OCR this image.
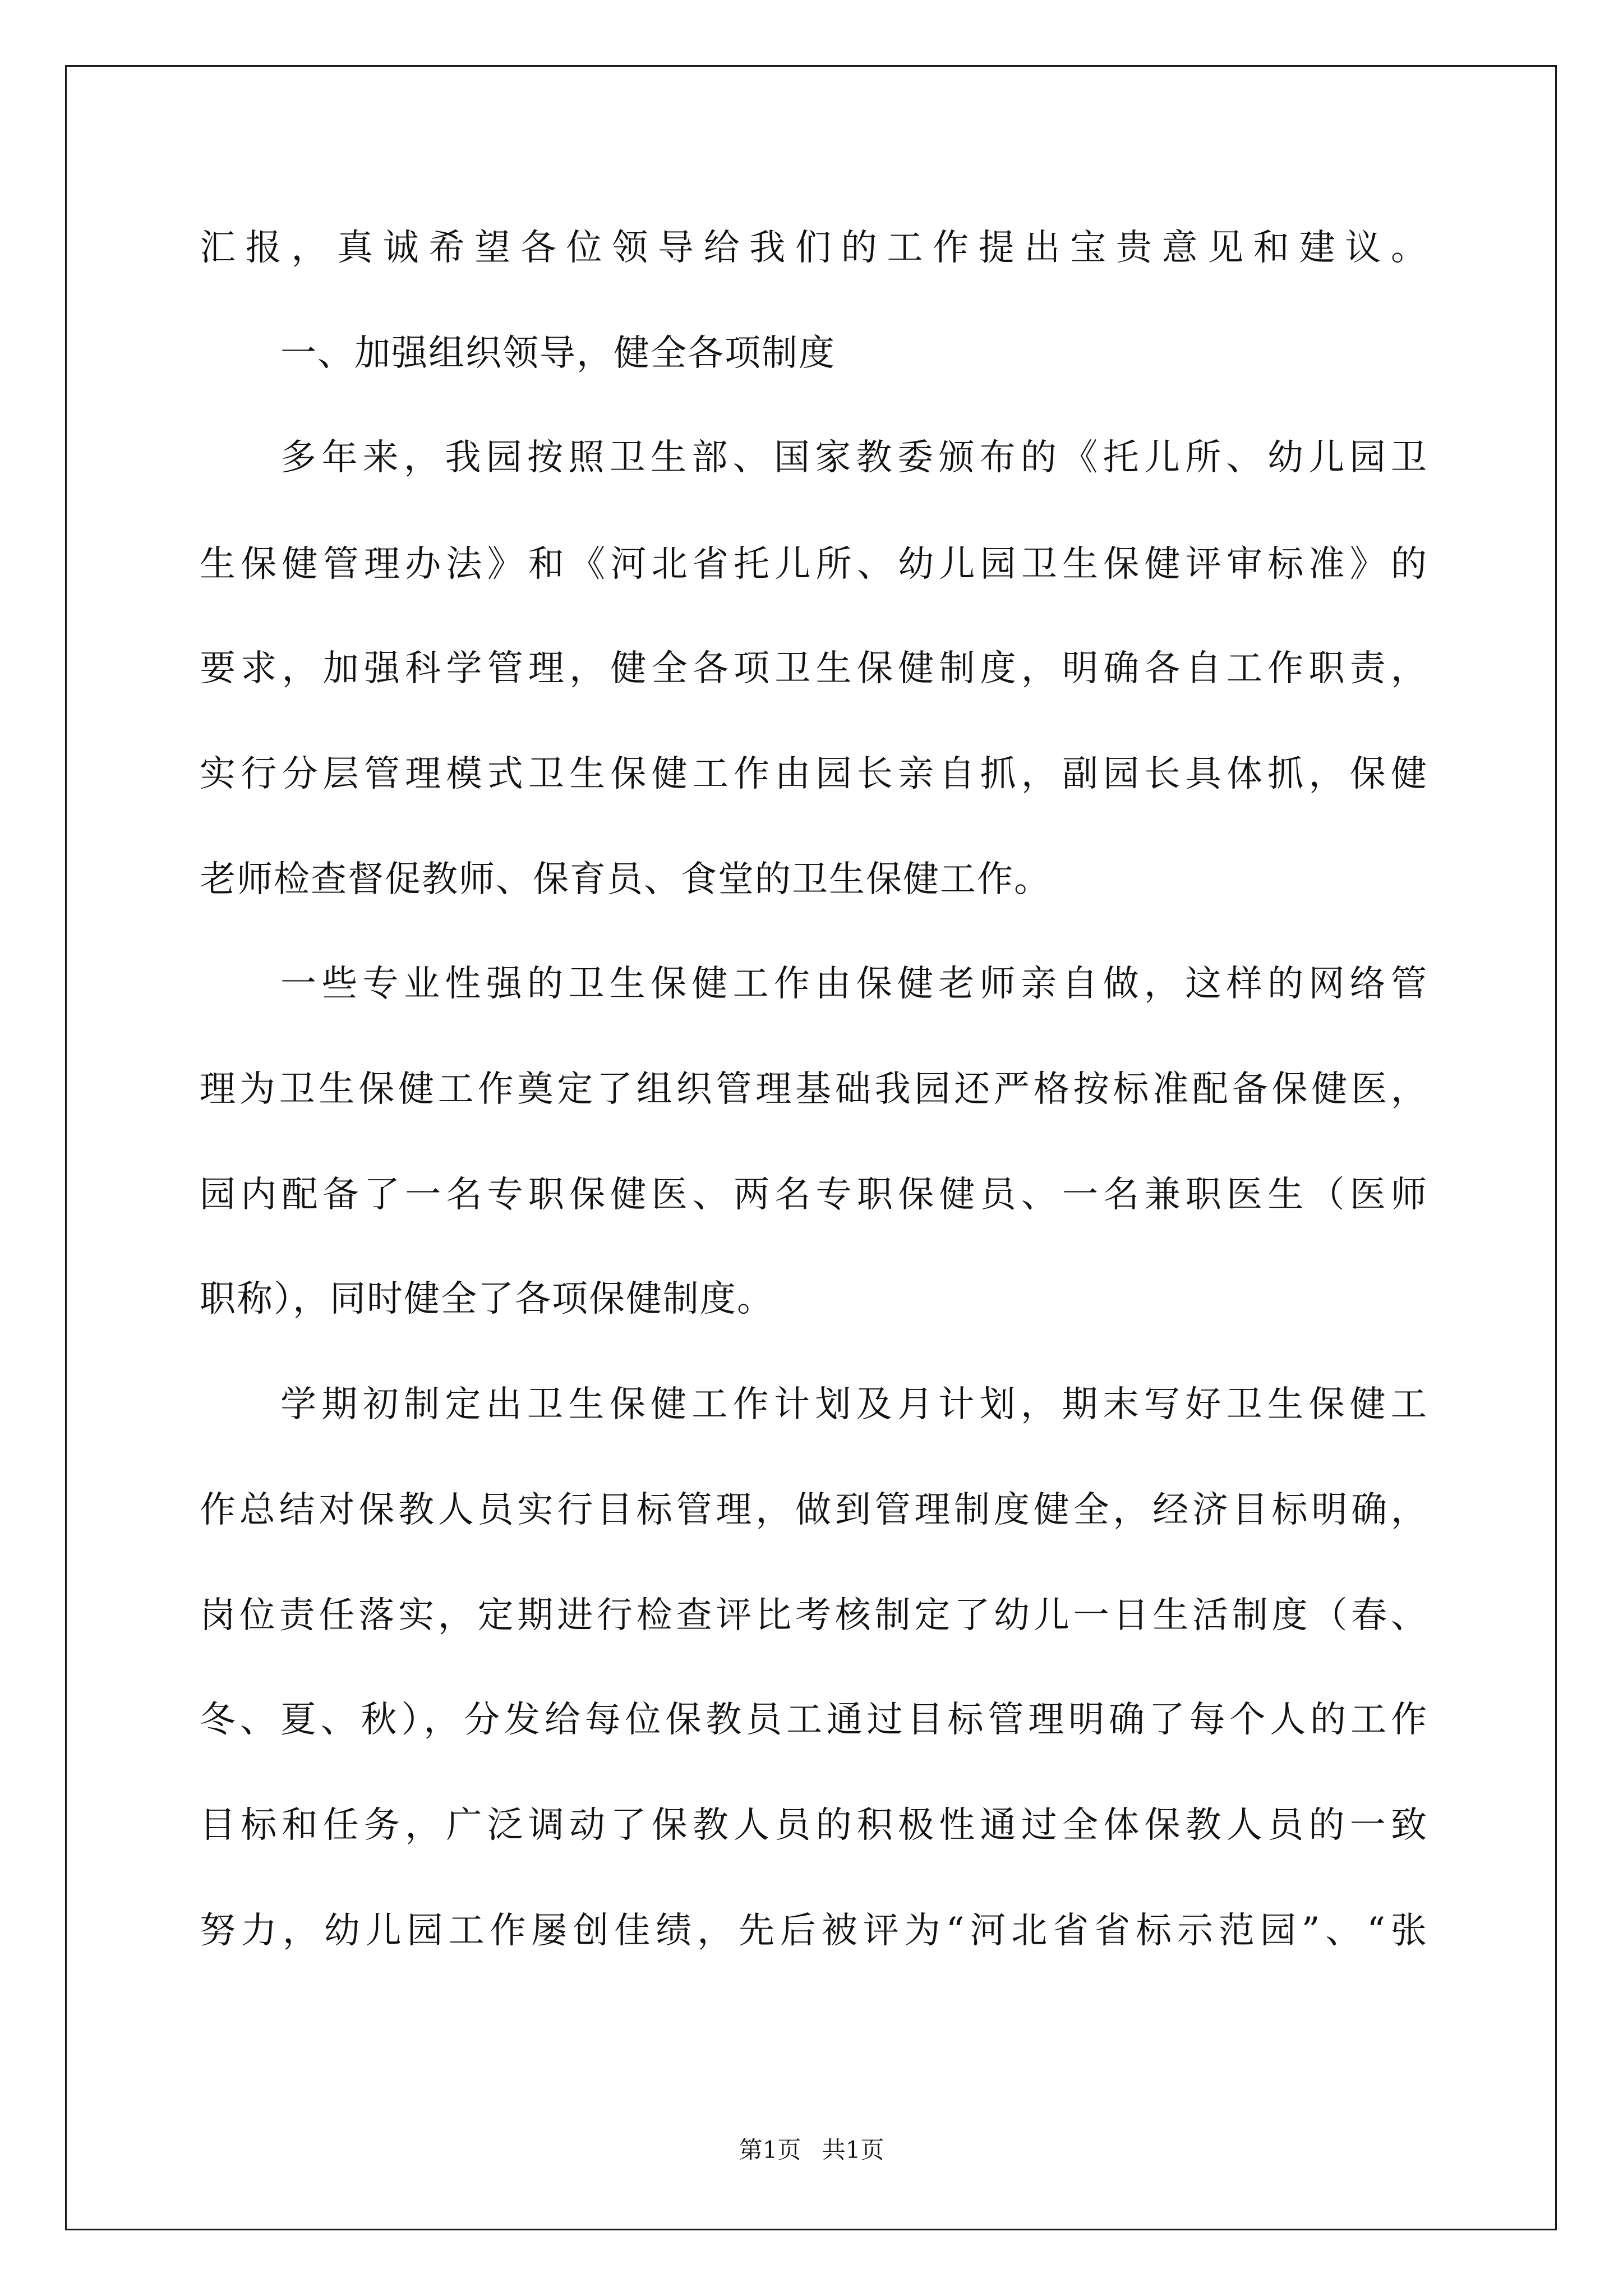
汇报，真诚希望各位领导给我们的工作提出宝贵意见和建议。
一、加强组织领导，健全各项制度
多年来，我园按照卫生部、国家教委颁布的《托儿所、幼儿园卫
生保健管理办法》和《河北省托儿所、幼儿园卫生保健评审标准》的
要求，加强科学管理，健全各项卫生保健制度，明确各自工作职责，
实行分层管理模式卫生保健工作由园长亲自抓，副园长具体抓，保健
老师检查督促教师、保育员、食堂的卫生保健工作。
一些专业性强的卫生保健工作由保健老师亲自做，这样的网络管
理为卫生保健工作奠定了组织管理基础我园还严格按标准配备保健医，
园内配备了一名专职保健医、两名专职保健员、一名兼职医生（医师
职称），同时健全了各项保健制度。
学期初制定出卫生保健工作计划及月计划，期末写好卫生保健工
作总结对保教人员实行目标管理，做到管理制度健全，经济目标明确，
岗位责任落实，定期进行检查评比考核制定了幼儿一日生活制度（春、
冬、夏、秋），分发给每位保教员工通过目标管理明确了每个人的工作
目标和任务，广泛调动了保教人员的积极性通过全体保教人员的一致
努力，幼儿园工作屡创佳绩，先后被评为“河北省省标示范园”、“张
第1页 共1页
